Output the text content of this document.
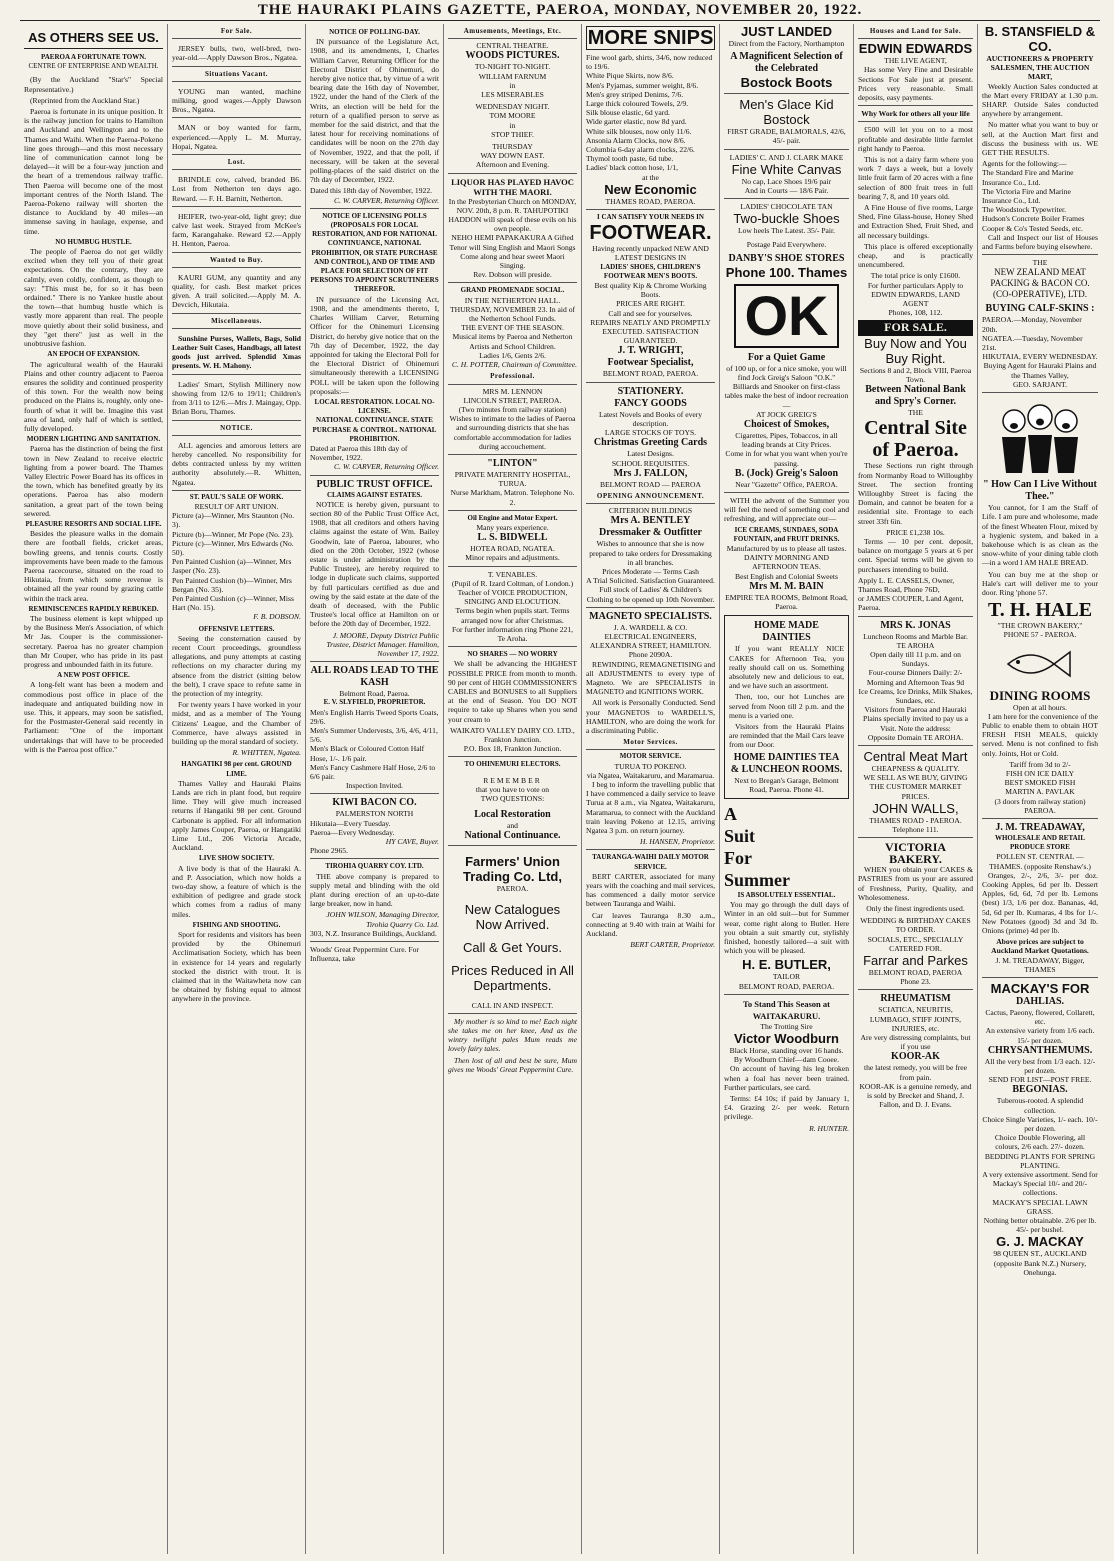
THE HAURAKI PLAINS GAZETTE, PAEROA, MONDAY, NOVEMBER 20, 1922.
AS OTHERS SEE US.
PAEROA A FORTUNATE TOWN.
CENTRE OF ENTERPRISE AND WEALTH.

(By the Auckland "Star's" Special Representative.)

(Reprinted from the Auckland Star.)

Paeroa is fortunate in its unique position. It is the railway junction for trains to Hamilton and Auckland and Wellington and to the Thames and Waihi. When the Paeroa-Pokeno line goes through—and this most necessary line of communication cannot long be delayed—it will be a four-way junction and the heart of a tremendous railway traffic. Then Paeroa will become one of the most important centres of the North Island. The Paeroa-Pokeno railway will shorten the distance to Auckland by 40 miles—an immense saving in haulage, expense, and time.

NO HUMBUG HUSTLE.

The people of Paeroa do not get wildly excited when they tell you of their great expectations. On the contrary, they are calmly, even coldly, confident, as though to say: "This must be, for so it has been ordained." There is no Yankee hustle about the town—that humbug hustle which is vastly more apparent than real. The people move quietly about their solid business, and they "get there" just as well in the unobtrusive fashion.

AN EPOCH OF EXPANSION.

The agricultural wealth of the Hauraki Plains and other country adjacent to Paeroa ensures the solidity and continued prosperity of this town. For the wealth now being produced on the Plains is, roughly, only one-fourth of what it will be. Imagine this vast area of land, only half of which is settled, fully developed.

MODERN LIGHTING AND SANITATION.

Paeroa has the distinction of being the first town in New Zealand to receive electric lighting from a power board. The Thames Valley Electric Power Board has its offices in the town, which has benefited greatly by its operations. Paeroa has also modern sanitation, a great part of the town being sewered.

PLEASURE RESORTS AND SOCIAL LIFE.

Besides the pleasure walks in the domain there are football fields, cricket areas, bowling greens, and tennis courts. Costly improvements have been made to the famous Paeroa racecourse, situated on the road to Hikutaia, from which some revenue is obtained all the year round by grazing cattle within the track area.

REMINISCENCES RAPIDLY REBUKED.

The business element is kept whipped up by the Business Men's Association, of which Mr Jas. Couper is the commissioner-secretary. Paeroa has no greater champion than Mr Couper, who has pride in its past progress and unbounded faith in its future.

A NEW POST OFFICE.

A long-felt want has been a modern and commodious post office in place of the inadequate and antiquated building now in use. This, it appears, may soon be satisfied, for the Postmaster-General said recently in Parliament: "One of the important undertakings that will have to be proceeded with is the Paeroa post office."

For Sale.

JERSEY bulls, two, well-bred, two-year-old.—Apply Dawson Bros., Ngatea.

Situations Vacant.

YOUNG man wanted, machine milking, good wages.—Apply Dawson Bros., Ngatea.

MAN or boy wanted for farm, experienced.—Apply L. M. Murray, Hopai, Ngatea.

Lost.

BRINDLE cow, calved, branded B6. Lost from Netherton ten days ago. Reward. — F. H. Barnitt, Netherton.

HEIFER, two-year-old, light grey; due calve last week. Strayed from McKee's farm, Karangahake. Reward £2.—Apply H. Henton, Paeroa.

Wanted to Buy.

KAURI GUM, any quantity and any quality, for cash. Best market prices given. A trail solicited.—Apply M. A. Devcich, Hikutaia.

Miscellaneous.

Sunshine Purses, Wallets, Bags, Solid Leather Suit Cases, Handbags, all latest goods just arrived. Splendid Xmas presents. W. H. Mahony.

Ladies' Smart, Stylish Millinery now showing from 12/6 to 19/11; Children's from 3/11 to 12/6.—Mrs J. Maingay, Opp. Brian Boru, Thames.

NOTICE.

ALL agencies and amorous letters are hereby cancelled. No responsibility for debts contracted unless by my written authority absolutely.—R. Whitten, Ngatea.

ST. PAUL'S SALE OF WORK.
RESULT OF ART UNION.
Picture (a)—Winner, Mrs Staunton (No. 3).
Picture (b)—Winner, Mr Pope (No. 23).
Picture (c)—Winner, Mrs Edwards (No. 50).
Pen Painted Cushion (a)—Winner, Mrs Jasper (No. 23).
Pen Painted Cushion (b)—Winner, Mrs Bergan (No. 35).
Pen Painted Cushion (c)—Winner, Miss Hart (No. 15).
F. B. DOBSON.
OFFENSIVE LETTERS.

Seeing the consternation caused by recent Court proceedings, groundless allegations, and puny attempts at casting reflections on my character during my absence from the district (sitting below the belt), I crave space to refute same in the protection of my integrity.

For twenty years I have worked in your midst, and as a member of The Young Citizens' League, and the Chamber of Commerce, have always assisted in building up the moral standard of society.

R. WHITTEN, Ngatea.
HANGATIKI 98 per cent. GROUND LIME.

Thames Valley and Hauraki Plains Lands are rich in plant food, but require lime. They will give much increased returns if Hangatiki 98 per cent. Ground Carbonate is applied. For all information apply James Couper, Paeroa, or Hangatiki Lime Ltd., 206 Victoria Arcade, Auckland.

LIVE SHOW SOCIETY.

A live body is that of the Hauraki A. and P. Association, which now holds a two-day show, a feature of which is the exhibition of pedigree and grade stock which comes from a radius of many miles.

FISHING AND SHOOTING.

Sport for residents and visitors has been provided by the Ohinemuri Acclimatisation Society, which has been in existence for 14 years and regularly stocked the district with trout. It is claimed that in the Waitawheta now can be obtained by fishing equal to almost anywhere in the province.

NOTICE OF POLLING-DAY.

IN pursuance of the Legislature Act, 1908, and its amendments, I, Charles William Carver, Returning Officer for the Electoral District of Ohinemuri, do hereby give notice that, by virtue of a writ bearing date the 16th day of November, 1922, under the hand of the Clerk of the Writs, an election will be held for the return of a qualified person to serve as member for the said district, and that the latest hour for receiving nominations of candidates will be noon on the 27th day of November, 1922, and that the poll, if necessary, will be taken at the several polling-places of the said district on the 7th day of December, 1922.

Dated this 18th day of November, 1922.
C. W. CARVER, Returning Officer.
NOTICE OF LICENSING POLLS (PROPOSALS FOR LOCAL RESTORATION, AND FOR NATIONAL CONTINUANCE, NATIONAL PROHIBITION, OR STATE PURCHASE AND CONTROL), AND OF TIME AND PLACE FOR SELECTION OF FIT PERSONS TO APPOINT SCRUTINEERS THEREFOR.

IN pursuance of the Licensing Act, 1908, and the amendments thereto, I, Charles William Carver, Returning Officer for the Ohinemuri Licensing District, do hereby give notice that on the 7th day of December, 1922, the day appointed for taking the Electoral Poll for the Electoral District of Ohinemuri simultaneously therewith a LICENSING POLL will be taken upon the following proposals:—

LOCAL RESTORATION. LOCAL NO-LICENSE.
NATIONAL CONTINUANCE. STATE PURCHASE & CONTROL. NATIONAL PROHIBITION.
Dated at Paeroa this 18th day of November, 1922.
C. W. CARVER, Returning Officer.
PUBLIC TRUST OFFICE.
CLAIMS AGAINST ESTATES.

NOTICE is hereby given, pursuant to section 80 of the Public Trust Office Act, 1908, that all creditors and others having claims against the estate of Wm. Bailey Goodwin, late of Paeroa, labourer, who died on the 20th October, 1922 (whose estate is under administration by the Public Trustee), are hereby required to lodge in duplicate such claims, supported by full particulars certified as due and owing by the said estate at the date of the death of deceased, with the Public Trustee's local office at Hamilton on or before the 20th day of December, 1922.

J. MOORE, Deputy District Public Trustee, District Manager. Hamilton, November 17, 1922.
ALL ROADS LEAD TO THE KASH
Belmont Road, Paeroa.
E. V. SLYFIELD, PROPRIETOR.
Men's English Harris Tweed Sports Coats, 29/6.
Men's Summer Undervests, 3/6, 4/6, 4/11, 5/6.
Men's Black or Coloured Cotton Half Hose, 1/-. 1/6 pair.
Men's Fancy Cashmere Half Hose, 2/6 to 6/6 pair.
Inspection Invited.
KIWI BACON CO.
PALMERSTON NORTH
Hikutaia—Every Tuesday.
Paeroa—Every Wednesday.
HY CAVE, Buyer.
Phone 2965.
TIROHIA QUARRY COY. LTD.

THE above company is prepared to supply metal and blinding with the old plant during erection of an up-to-date large breaker, now in hand.

JOHN WILSON, Managing Director, Tirohia Quarry Co. Ltd.
303, N.Z. Insurance Buildings, Auckland.
Woods' Great Peppermint Cure. For Influenza, take
Amusements, Meetings, Etc.
CENTRAL THEATRE.
WOODS PICTURES.
TO-NIGHT TO-NIGHT.
WILLIAM FARNUM
in
LES MISERABLES
WEDNESDAY NIGHT.
TOM MOORE
in
STOP THIEF.
THURSDAY
WAY DOWN EAST.
Afternoon and Evening.
LIQUOR HAS PLAYED HAVOC WITH THE MAORI.
In the Presbyterian Church on MONDAY, NOV. 20th, 8 p.m. R. TAHUPOTIKI HADDON will speak of these evils on his own people.
NEHO HEMI PAPAKAKURA A Gifted Tenor will Sing English and Maori Songs
Come along and hear sweet Maori Singing.
Rev. Dobson will preside.
GRAND PROMENADE SOCIAL.
IN THE NETHERTON HALL. THURSDAY, NOVEMBER 23. In aid of the Netherton School Funds.
THE EVENT OF THE SEASON.
Musical items by Paeroa and Netherton Artists and School Children.
Ladies 1/6, Gents 2/6.
C. H. POTTER, Chairman of Committee.
Professional.
MRS M. LENNON
LINCOLN STREET, PAEROA.
(Two minutes from railway station) Wishes to intimate to the ladies of Paeroa and surrounding districts that she has comfortable accommodation for ladies during accouchement.
"LINTON"
PRIVATE MATERNITY HOSPITAL,
TURUA.
Nurse Markham, Matron. Telephone No. 2.
Oil Engine and Motor Expert.
Many years experience.
L. S. BIDWELL
HOTEA ROAD, NGATEA.
Minor repairs and adjustments.
T. VENABLES.
(Pupil of R. Izard Coltman, of London.) Teacher of VOICE PRODUCTION, SINGING AND ELOCUTION.
Terms begin when pupils start. Terms arranged now for after Christmas.
For further information ring Phone 221, Te Aroha.
NO SHARES — NO WORRY

We shall be advancing the HIGHEST POSSIBLE PRICE from month to month. 90 per cent of HIGH COMMISSIONER'S CABLES and BONUSES to all Suppliers at the end of Season. You DO NOT require to take up Shares when you send your cream to

WAIKATO VALLEY DAIRY CO. LTD.,
Frankton Junction.
P.O. Box 18, Frankton Junction.
TO OHINEMURI ELECTORS.
REMEMBER
that you have to vote on
TWO QUESTIONS:
Local Restoration
and
National Continuance.
Farmers' Union Trading Co. Ltd,
PAEROA.
New Catalogues
Now Arrived.
Call & Get Yours.
Prices Reduced in All Departments.
CALL IN AND INSPECT.

My mother is so kind to me! Each night she takes me on her knee, And as the wintry twilight pales Mum reads me lovely fairy tales.

Then lost of all and best be sure, Mum gives me Woods' Great Peppermint Cure.

MORE SNIPS
Fine wool garb, shirts, 34/6, now reduced to 19/6.
White Pique Skirts, now 8/6.
Men's Pyjamas, summer weight, 8/6.
Men's grey striped Denims, 7/6.
Large thick coloured Towels, 2/9.
Silk blouse elastic, 6d yard.
Wide garter elastic, now 8d yard.
White silk blouses, now only 11/6.
Ansonia Alarm Clocks, now 8/6.
Columbia 6-day alarm clocks, 22/6.
Thymol tooth paste, 6d tube.
Ladies' black cotton hose, 1/1,
at the
New Economic
THAMES ROAD, PAEROA.
I CAN SATISFY YOUR NEEDS IN
FOOTWEAR.
Having recently unpacked NEW AND LATEST DESIGNS IN
LADIES' SHOES, CHILDREN'S FOOTWEAR MEN'S BOOTS.
Best quality Kip & Chrome Working Boots.
PRICES ARE RIGHT.
Call and see for yourselves.
REPAIRS NEATLY AND PROMPTLY EXECUTED. SATISFACTION GUARANTEED.
J. T. WRIGHT,
Footwear Specialist,
BELMONT ROAD, PAEROA.
STATIONERY.
FANCY GOODS
Latest Novels and Books of every description.
LARGE STOCKS OF TOYS.
Christmas Greeting Cards
Latest Designs.
SCHOOL REQUISITES.
Mrs J. FALLON,
BELMONT ROAD — PAEROA
OPENING ANNOUNCEMENT.
CRITERION BUILDINGS
Mrs A. BENTLEY
Dressmaker & Outfitter
Wishes to announce that she is now prepared to take orders for Dressmaking in all branches.
Prices Moderate — Terms Cash
A Trial Solicited. Satisfaction Guaranteed.
Full stock of Ladies' & Children's Clothing to be opened up 10th November.
MAGNETO SPECIALISTS.
J. A. WARDELL & CO.
ELECTRICAL ENGINEERS, ALEXANDRA STREET, HAMILTON.
Phone 2090A.

REWINDING, REMAGNETISING and all ADJUSTMENTS to every type of Magneto. We are SPECIALISTS in MAGNETO and IGNITIONS WORK.

All work is Personally Conducted. Send your MAGNETOS to WARDELL'S, HAMILTON, who are doing the work for a discriminating Public.

Motor Services.
MOTOR SERVICE.
TURUA TO POKENO.
via Ngatea, Waitakaruru, and Maramarua.

I beg to inform the travelling public that I have commenced a daily service to leave Turua at 8 a.m., via Ngatea, Waitakaruru, Maramarua, to connect with the Auckland train leaving Pokeno at 12.15, arriving Ngatea 3 p.m. on return journey.

H. HANSEN, Proprietor.
TAURANGA-WAIHI DAILY MOTOR SERVICE.

BERT CARTER, associated for many years with the coaching and mail services, has commenced a daily motor service between Tauranga and Waihi.

Car leaves Tauranga 8.30 a.m., connecting at 9.40 with train at Waihi for Auckland.

BERT CARTER, Proprietor.
JUST LANDED
Direct from the Factory, Northampton
A Magnificent Selection of the Celebrated
Bostock Boots
Men's Glace Kid Bostock
FIRST GRADE, BALMORALS, 42/6, 45/- pair.
LADIES' C. AND J. CLARK MAKE
Fine White Canvas
No cap, Lace Shoes 19/6 pair
And in Courts — 18/6 Pair.
LADIES' CHOCOLATE TAN
Two-buckle Shoes
Low heels The Latest. 35/- Pair.
Postage Paid Everywhere.
DANBY'S SHOE STORES
Phone 100. Thames
OK
For a Quiet Game
of 100 up, or for a nice smoke, you will find Jock Greig's Saloon "O.K." Billiards and Snooker on first-class tables make the best of indoor recreation—
AT JOCK GREIG'S
Choicest of Smokes,
Cigarettes, Pipes, Tobaccos, in all leading brands at City Prices.
Come in for what you want when you're passing.
B. (Jock) Greig's Saloon
Near "Gazette" Office, PAEROA.

WITH the advent of the Summer you will feel the need of something cool and refreshing, and will appreciate our—

ICE CREAMS, SUNDAES, SODA FOUNTAIN, and FRUIT DRINKS.
Manufactured by us to please all tastes.
DAINTY MORNING AND AFTERNOON TEAS.
Best English and Colonial Sweets
Mrs M. M. BAIN
EMPIRE TEA ROOMS, Belmont Road, Paeroa.
HOME MADE DAINTIES

If you want REALLY NICE CAKES for Afternoon Tea, you really should call on us. Something absolutely new and delicious to eat, and we have such an assortment.

Then, too, our hot Lunches are served from Noon till 2 p.m. and the menu is a varied one.

Visitors from the Hauraki Plains are reminded that the Mail Cars leave from our Door.

HOME DAINTIES TEA & LUNCHEON ROOMS.
Next to Bregan's Garage, Belmont Road, Paeroa. Phone 41.
A
Suit
For
Summer
IS ABSOLUTELY ESSENTIAL.

You may go through the dull days of Winter in an old suit—but for Summer wear, come right along to Butler. Here you obtain a suit smartly cut, stylishly finished, honestly tailored—a suit with which you will be pleased.

H. E. BUTLER,
TAILOR
BELMONT ROAD, PAEROA.
To Stand This Season at WAITAKARURU.
The Trotting Sire
Victor Woodburn
Black Horse, standing over 16 hands.
By Woodburn Chief—dam Cooee.

On account of having his leg broken when a foal has never been trained. Further particulars, see card.

Terms: £4 10s; if paid by January 1, £4. Grazing 2/- per week. Return privilege.

R. HUNTER.
Houses and Land for Sale.
EDWIN EDWARDS
THE LIVE AGENT,

Has some Very Fine and Desirable Sections For Sale just at present. Prices very reasonable. Small deposits, easy payments.

Why Work for others all your life

£500 will let you on to a most profitable and desirable little farmlet right handy to Paeroa.

This is not a dairy farm where you work 7 days a week, but a lovely little fruit farm of 20 acres with a fine selection of 800 fruit trees in full bearing 7, 8, and 10 years old.

A Fine House of five rooms, Large Shed, Fine Glass-house, Honey Shed and Extraction Shed, Fruit Shed, and all necessary buildings.

This place is offered exceptionally cheap, and is practically unencumbered.

The total price is only £1600.
For further particulars Apply to
EDWIN EDWARDS, LAND AGENT
Phones, 108, 112.
FOR SALE.
Buy Now and You Buy Right.
Sections 8 and 2, Block VIII, Paeroa Town.
Between National Bank and Spry's Corner.
THE
Central Site of Paeroa.

These Sections run right through from Normanby Road to Willoughby Street. The section fronting Willoughby Street is facing the Domain, and cannot be beaten for a residential site. Frontage to each street 33ft 6in.

PRICE £1,238 10s.

Terms — 10 per cent. deposit, balance on mortgage 5 years at 6 per cent. Special terms will be given to purchasers intending to build.

Apply L. E. CASSELS, Owner, Thames Road, Phone 76D,
or JAMES COUPER, Land Agent, Paeroa.
MRS K. JONAS
Luncheon Rooms and Marble Bar.
TE AROHA
Open daily till 11 p.m. and on Sundays.
Four-course Dinners Daily: 2/-
Morning and Afternoon Teas 9d
Ice Creams, Ice Drinks, Milk Shakes, Sundaes, etc.
Visitors from Paeroa and Hauraki Plains specially invited to pay us a Visit. Note the address:
Opposite Domain TE AROHA.
Central Meat Mart
CHEAPNESS & QUALITY.
WE SELL AS WE BUY, GIVING THE CUSTOMER MARKET PRICES.
JOHN WALLS,
THAMES ROAD - PAEROA.
Telephone 111.
VICTORIA BAKERY.

WHEN you obtain your CAKES & PASTRIES from us your are assured of Freshness, Purity, Quality, and Wholesomeness.

Only the finest ingredients used.
WEDDING & BIRTHDAY CAKES TO ORDER.
SOCIALS, ETC., SPECIALLY CATERED FOR.
Farrar and Parkes
BELMONT ROAD, PAEROA
Phone 23.
RHEUMATISM
SCIATICA, NEURITIS, LUMBAGO, STIFF JOINTS, INJURIES, etc.
Are very distressing complaints, but if you use
KOOR-AK
the latest remedy, you will be free from pain.
KOOR-AK is a genuine remedy, and is sold by Brecket and Shand, J. Fallon, and D. J. Evans.
B. STANSFIELD & CO.
AUCTIONEERS & PROPERTY SALESMEN, THE AUCTION MART,

Weekly Auction Sales conducted at the Mart every FRIDAY at 1.30 p.m. SHARP. Outside Sales conducted anywhere by arrangement.

No matter what you want to buy or sell, at the Auction Mart first and discuss the business with us. WE GET THE RESULTS.

Agents for the following:—
The Standard Fire and Marine Insurance Co., Ltd.
The Victoria Fire and Marine Insurance Co., Ltd.
The Woodstock Typewriter.
Hudson's Concrete Boiler Frames
Cooper & Co's Tested Seeds, etc.

Call and Inspect our list of Houses and Farms before buying elsewhere.

THE
NEW ZEALAND MEAT PACKING & BACON CO. (CO-OPERATIVE), LTD.
BUYING CALF-SKINS :
PAEROA.—Monday, November 20th.
NGATEA.—Tuesday, November 21st.
HIKUTAIA, EVERY WEDNESDAY.
Buying Agent for Hauraki Plains and the Thames Valley,
GEO. SARJANT.
" How Can I Live Without Thee."

You cannot, for I am the Staff of Life. I am pure and wholesome, made of the finest Wheaten Flour, mixed by a hygienic system, and baked in a bakehouse which is as clean as the snow-white of your dining table cloth—in a word I AM HALE BREAD.

You can buy me at the shop or Hale's cart will deliver me to your door. Ring 'phone 57.

T. H. HALE
"THE CROWN BAKERY,"
PHONE 57 - PAEROA.
DINING ROOMS
Open at all hours.

I am here for the convenience of the Public to enable them to obtain HOT FRESH FISH MEALS, quickly served. Menu is not confined to fish only. Joints, Hot or Cold.

Tariff from 3d to 2/-
FISH ON ICE DAILY
BEST SMOKED FISH
MARTIN A. PAVLAK
(3 doors from railway station) PAEROA.
J. M. TREADAWAY,
WHOLESALE AND RETAIL PRODUCE STORE
POLLEN ST. CENTRAL — THAMES. (opposite Renshaw's.)

Oranges, 2/-, 2/6, 3/- per doz. Cooking Apples, 6d per lb. Dessert Apples, 6d, 6d, 7d per lb. Lemons (best) 1/3, 1/6 per doz. Bananas, 4d, 5d, 6d per lb. Kumaras, 4 lbs for 1/-. New Potatoes (good) 3d and 3d lb. Onions (prime) 4d per lb.

Above prices are subject to Auckland Market Quotations.
J. M. TREADAWAY, Bigger, THAMES
MACKAY'S FOR
DAHLIAS.
Cactus, Paeony, flowered, Collarett, etc.
An extensive variety from 1/6 each. 15/- per dozen.
CHRYSANTHEMUMS.
All the very best from 1/3 each. 12/- per dozen.
SEND FOR LIST—POST FREE.
BEGONIAS.
Tuberous-rooted. A splendid collection.
Choice Single Varieties, 1/- each. 10/- per dozen.
Choice Double Flowering, all colours, 2/6 each. 27/- dozen.
BEDDING PLANTS FOR SPRING PLANTING.
A very extensive assortment. Send for Mackay's Special 10/- and 20/- collections.
MACKAY'S SPECIAL LAWN GRASS.
Nothing better obtainable. 2/6 per lb. 45/- per bushel.
G. J. MACKAY
98 QUEEN ST., AUCKLAND (opposite Bank N.Z.) Nursery, Onehunga.
